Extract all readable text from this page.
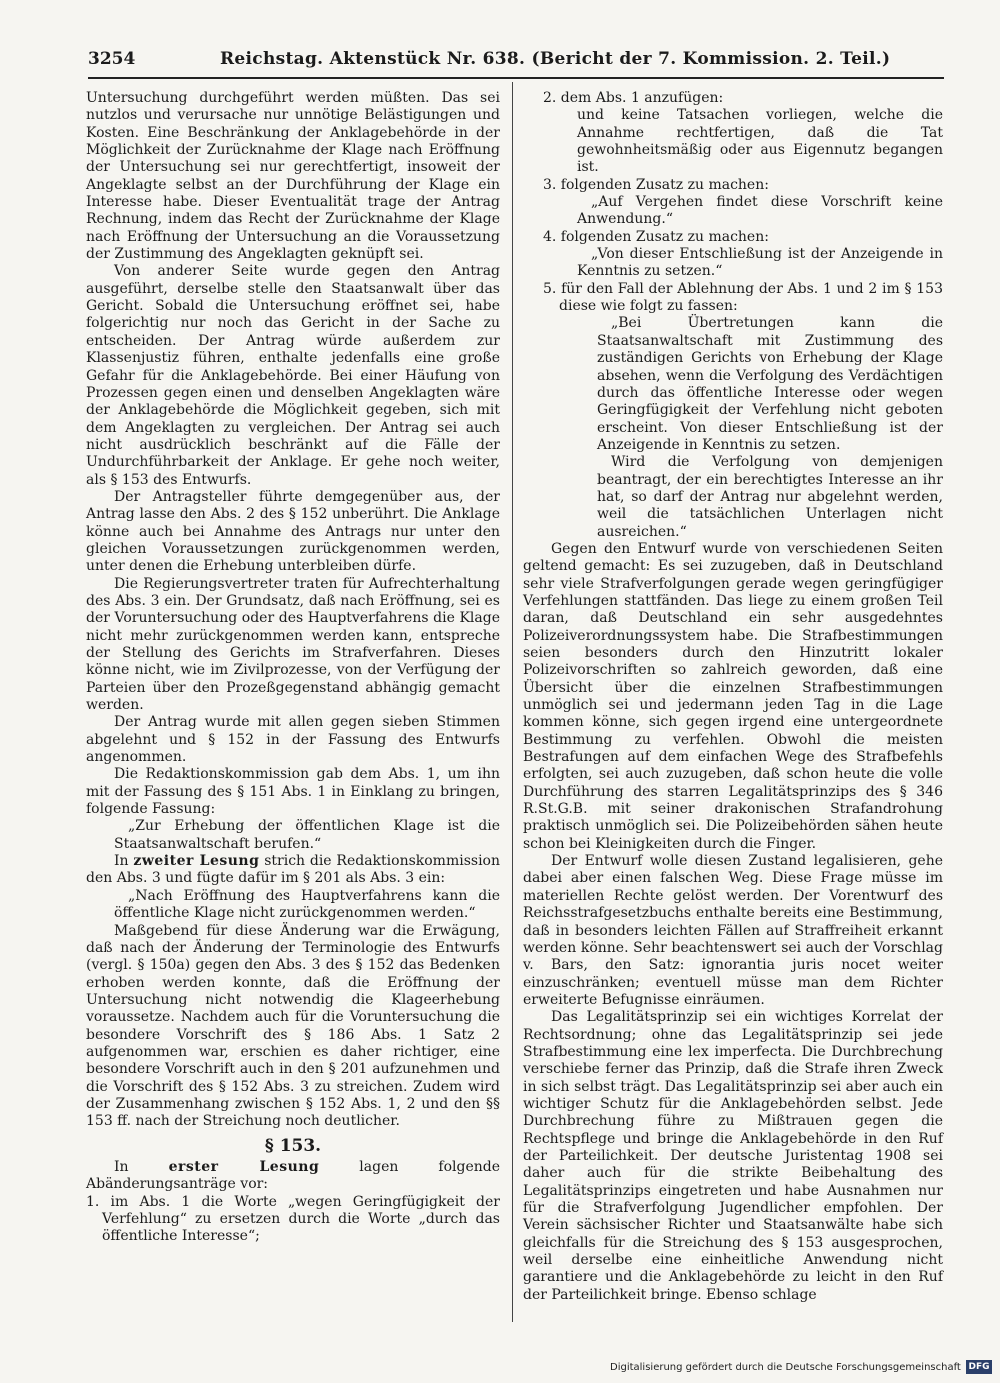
3254	Reichstag. Aktenstück Nr. 638. (Bericht der 7. Kommission. 2. Teil.)

Untersuchung durchgeführt werden müßten. Das sei nutzlos und verursache nur unnötige Belästigungen und Kosten. Eine Beschränkung der Anklagebehörde in der Möglichkeit der Zurücknahme der Klage nach Eröffnung der Untersuchung sei nur gerechtfertigt, insoweit der Angeklagte selbst an der Durchführung der Klage ein Interesse habe. Dieser Eventualität trage der Antrag Rechnung, indem das Recht der Zurücknahme der Klage nach Eröffnung der Untersuchung an die Voraussetzung der Zustimmung des Angeklagten geknüpft sei.

Von anderer Seite wurde gegen den Antrag ausgeführt, derselbe stelle den Staatsanwalt über das Gericht. Sobald die Untersuchung eröffnet sei, habe folgerichtig nur noch das Gericht in der Sache zu entscheiden. Der Antrag würde außerdem zur Klassenjustiz führen, enthalte jedenfalls eine große Gefahr für die Anklagebehörde. Bei einer Häufung von Prozessen gegen einen und denselben Angeklagten wäre der Anklagebehörde die Möglichkeit gegeben, sich mit dem Angeklagten zu vergleichen. Der Antrag sei auch nicht ausdrücklich beschränkt auf die Fälle der Undurchführbarkeit der Anklage. Er gehe noch weiter, als § 153 des Entwurfs.

Der Antragsteller führte demgegenüber aus, der Antrag lasse den Abs. 2 des § 152 unberührt. Die Anklage könne auch bei Annahme des Antrags nur unter den gleichen Voraussetzungen zurückgenommen werden, unter denen die Erhebung unterbleiben dürfe.

Die Regierungsvertreter traten für Aufrechterhaltung des Abs. 3 ein. Der Grundsatz, daß nach Eröffnung, sei es der Voruntersuchung oder des Hauptverfahrens die Klage nicht mehr zurückgenommen werden kann, entspreche der Stellung des Gerichts im Strafverfahren. Dieses könne nicht, wie im Zivilprozesse, von der Verfügung der Parteien über den Prozeßgegenstand abhängig gemacht werden.

Der Antrag wurde mit allen gegen sieben Stimmen abgelehnt und § 152 in der Fassung des Entwurfs angenommen.

Die Redaktionskommission gab dem Abs. 1, um ihn mit der Fassung des § 151 Abs. 1 in Einklang zu bringen, folgende Fassung:

„Zur Erhebung der öffentlichen Klage ist die Staatsanwaltschaft berufen.“

In zweiter Lesung strich die Redaktionskommission den Abs. 3 und fügte dafür im § 201 als Abs. 3 ein:

„Nach Eröffnung des Hauptverfahrens kann die öffentliche Klage nicht zurückgenommen werden.“

Maßgebend für diese Änderung war die Erwägung, daß nach der Änderung der Terminologie des Entwurfs (vergl. § 150a) gegen den Abs. 3 des § 152 das Bedenken erhoben werden konnte, daß die Eröffnung der Untersuchung nicht notwendig die Klageerhebung voraussetze. Nachdem auch für die Voruntersuchung die besondere Vorschrift des § 186 Abs. 1 Satz 2 aufgenommen war, erschien es daher richtiger, eine besondere Vorschrift auch in den § 201 aufzunehmen und die Vorschrift des § 152 Abs. 3 zu streichen. Zudem wird der Zusammenhang zwischen § 152 Abs. 1, 2 und den §§ 153 ff. nach der Streichung noch deutlicher.

§ 153.

In erster Lesung lagen folgende Abänderungsanträge vor:

1. im Abs. 1 die Worte „wegen Geringfügigkeit der Verfehlung“ zu ersetzen durch die Worte „durch das öffentliche Interesse“;

2. dem Abs. 1 anzufügen:

und keine Tatsachen vorliegen, welche die Annahme rechtfertigen, daß die Tat gewohnheitsmäßig oder aus Eigennutz begangen ist.

3. folgenden Zusatz zu machen:

„Auf Vergehen findet diese Vorschrift keine Anwendung.“

4. folgenden Zusatz zu machen:

„Von dieser Entschließung ist der Anzeigende in Kenntnis zu setzen.“

5. für den Fall der Ablehnung der Abs. 1 und 2 im § 153 diese wie folgt zu fassen:

„Bei Übertretungen kann die Staatsanwaltschaft mit Zustimmung des zuständigen Gerichts von Erhebung der Klage absehen, wenn die Verfolgung des Verdächtigen durch das öffentliche Interesse oder wegen Geringfügigkeit der Verfehlung nicht geboten erscheint. Von dieser Entschließung ist der Anzeigende in Kenntnis zu setzen.

Wird die Verfolgung von demjenigen beantragt, der ein berechtigtes Interesse an ihr hat, so darf der Antrag nur abgelehnt werden, weil die tatsächlichen Unterlagen nicht ausreichen.“

Gegen den Entwurf wurde von verschiedenen Seiten geltend gemacht: Es sei zuzugeben, daß in Deutschland sehr viele Strafverfolgungen gerade wegen geringfügiger Verfehlungen stattfänden. Das liege zu einem großen Teil daran, daß Deutschland ein sehr ausgedehntes Polizeiverordnungssystem habe. Die Strafbestimmungen seien besonders durch den Hinzutritt lokaler Polizeivorschriften so zahlreich geworden, daß eine Übersicht über die einzelnen Strafbestimmungen unmöglich sei und jedermann jeden Tag in die Lage kommen könne, sich gegen irgend eine untergeordnete Bestimmung zu verfehlen. Obwohl die meisten Bestrafungen auf dem einfachen Wege des Strafbefehls erfolgten, sei auch zuzugeben, daß schon heute die volle Durchführung des starren Legalitätsprinzips des § 346 R.St.G.B. mit seiner drakonischen Strafandrohung praktisch unmöglich sei. Die Polizeibehörden sähen heute schon bei Kleinigkeiten durch die Finger.

Der Entwurf wolle diesen Zustand legalisieren, gehe dabei aber einen falschen Weg. Diese Frage müsse im materiellen Rechte gelöst werden. Der Vorentwurf des Reichsstrafgesetzbuchs enthalte bereits eine Bestimmung, daß in besonders leichten Fällen auf Straffreiheit erkannt werden könne. Sehr beachtenswert sei auch der Vorschlag v. Bars, den Satz: ignorantia juris nocet weiter einzuschränken; eventuell müsse man dem Richter erweiterte Befugnisse einräumen.

Das Legalitätsprinzip sei ein wichtiges Korrelat der Rechtsordnung; ohne das Legalitätsprinzip sei jede Strafbestimmung eine lex imperfecta. Die Durchbrechung verschiebe ferner das Prinzip, daß die Strafe ihren Zweck in sich selbst trägt. Das Legalitätsprinzip sei aber auch ein wichtiger Schutz für die Anklagebehörden selbst. Jede Durchbrechung führe zu Mißtrauen gegen die Rechtspflege und bringe die Anklagebehörde in den Ruf der Parteilichkeit. Der deutsche Juristentag 1908 sei daher auch für die strikte Beibehaltung des Legalitätsprinzips eingetreten und habe Ausnahmen nur für die Strafverfolgung Jugendlicher empfohlen. Der Verein sächsischer Richter und Staatsanwälte habe sich gleichfalls für die Streichung des § 153 ausgesprochen, weil derselbe eine einheitliche Anwendung nicht garantiere und die Anklagebehörde zu leicht in den Ruf der Parteilichkeit bringe. Ebenso schlage

Digitalisierung gefördert durch die Deutsche Forschungsgemeinschaft DFG
